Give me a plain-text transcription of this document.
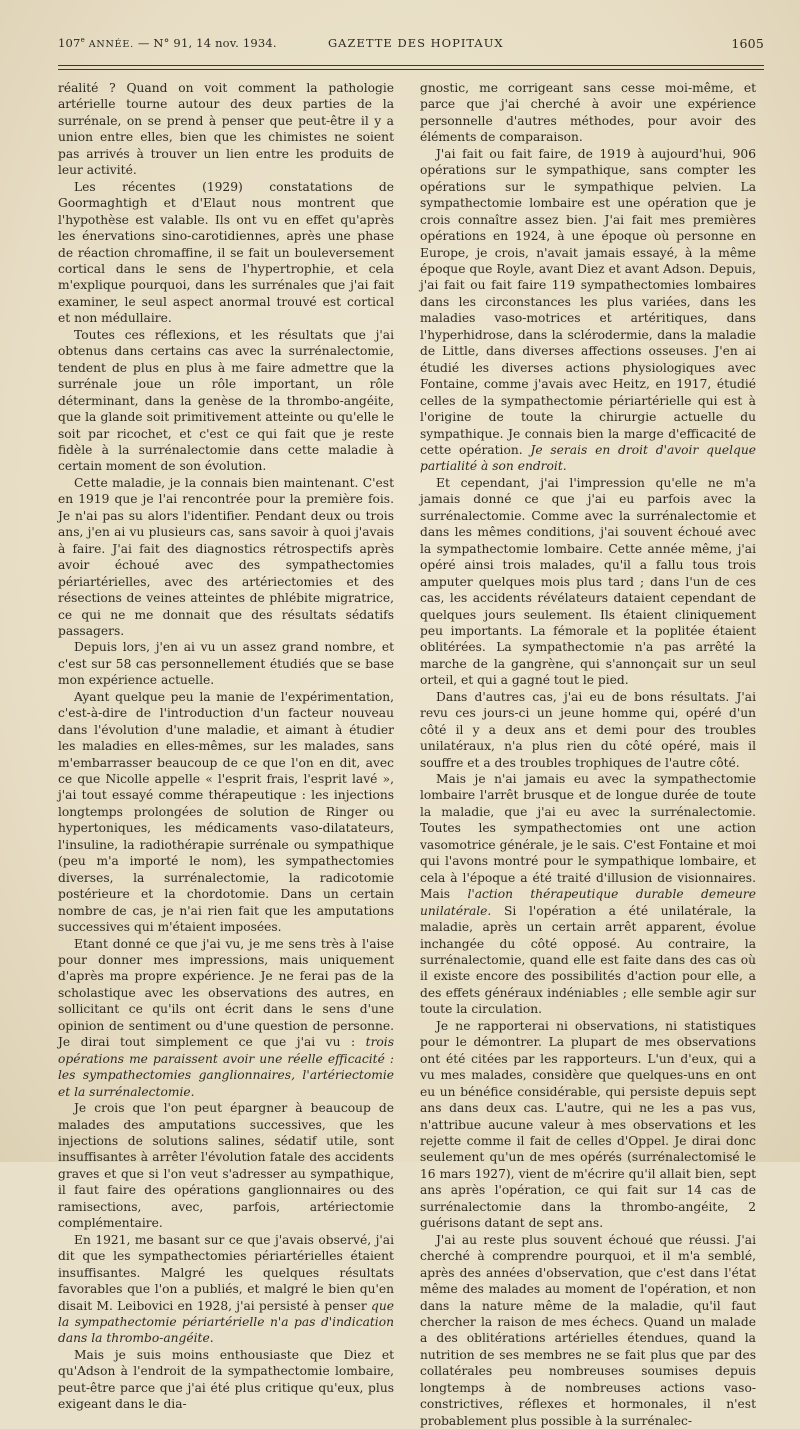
107e ANNÉE. — N° 91, 14 nov. 1934.	GAZETTE DES HOPITAUX	1605

réalité ? Quand on voit comment la pathologie artérielle tourne autour des deux parties de la surrénale, on se prend à penser que peut-être il y a union entre elles, bien que les chimistes ne soient pas arrivés à trouver un lien entre les produits de leur activité.

Les récentes (1929) constatations de Goormaghtigh et d'Elaut nous montrent que l'hypothèse est valable. Ils ont vu en effet qu'après les énervations sino-carotidiennes, après une phase de réaction chromaffine, il se fait un bouleversement cortical dans le sens de l'hypertrophie, et cela m'explique pourquoi, dans les surrénales que j'ai fait examiner, le seul aspect anormal trouvé est cortical et non médullaire.

Toutes ces réflexions, et les résultats que j'ai obtenus dans certains cas avec la surrénalectomie, tendent de plus en plus à me faire admettre que la surrénale joue un rôle important, un rôle déterminant, dans la genèse de la thrombo-angéite, que la glande soit primitivement atteinte ou qu'elle le soit par ricochet, et c'est ce qui fait que je reste fidèle à la surrénalectomie dans cette maladie à certain moment de son évolution.

Cette maladie, je la connais bien maintenant. C'est en 1919 que je l'ai rencontrée pour la première fois. Je n'ai pas su alors l'identifier. Pendant deux ou trois ans, j'en ai vu plusieurs cas, sans savoir à quoi j'avais à faire. J'ai fait des diagnostics rétrospectifs après avoir échoué avec des sympathectomies périartérielles, avec des artériectomies et des résections de veines atteintes de phlébite migratrice, ce qui ne me donnait que des résultats sédatifs passagers.

Depuis lors, j'en ai vu un assez grand nombre, et c'est sur 58 cas personnellement étudiés que se base mon expérience actuelle.

Ayant quelque peu la manie de l'expérimentation, c'est-à-dire de l'introduction d'un facteur nouveau dans l'évolution d'une maladie, et aimant à étudier les maladies en elles-mêmes, sur les malades, sans m'embarrasser beaucoup de ce que l'on en dit, avec ce que Nicolle appelle « l'esprit frais, l'esprit lavé », j'ai tout essayé comme thérapeutique : les injections longtemps prolongées de solution de Ringer ou hypertoniques, les médicaments vaso-dilatateurs, l'insuline, la radiothérapie surrénale ou sympathique (peu m'a importé le nom), les sympathectomies diverses, la surrénalectomie, la radicotomie postérieure et la chordotomie. Dans un certain nombre de cas, je n'ai rien fait que les amputations successives qui m'étaient imposées.

Etant donné ce que j'ai vu, je me sens très à l'aise pour donner mes impressions, mais uniquement d'après ma propre expérience. Je ne ferai pas de la scholastique avec les observations des autres, en sollicitant ce qu'ils ont écrit dans le sens d'une opinion de sentiment ou d'une question de personne. Je dirai tout simplement ce que j'ai vu : trois opérations me paraissent avoir une réelle efficacité : les sympathectomies ganglionnaires, l'artériectomie et la surrénalectomie.

Je crois que l'on peut épargner à beaucoup de malades des amputations successives, que les injections de solutions salines, sédatif utile, sont insuffisantes à arrêter l'évolution fatale des accidents graves et que si l'on veut s'adresser au sympathique, il faut faire des opérations ganglionnaires ou des ramisections, avec, parfois, artériectomie complémentaire.

En 1921, me basant sur ce que j'avais observé, j'ai dit que les sympathectomies périartérielles étaient insuffisantes. Malgré les quelques résultats favorables que l'on a publiés, et malgré le bien qu'en disait M. Leibovici en 1928, j'ai persisté à penser que la sympathectomie périartérielle n'a pas d'indication dans la thrombo-angéite.

Mais je suis moins enthousiaste que Diez et qu'Adson à l'endroit de la sympathectomie lombaire, peut-être parce que j'ai été plus critique qu'eux, plus exigeant dans le dia-

gnostic, me corrigeant sans cesse moi-même, et parce que j'ai cherché à avoir une expérience personnelle d'autres méthodes, pour avoir des éléments de comparaison.

J'ai fait ou fait faire, de 1919 à aujourd'hui, 906 opérations sur le sympathique, sans compter les opérations sur le sympathique pelvien. La sympathectomie lombaire est une opération que je crois connaître assez bien. J'ai fait mes premières opérations en 1924, à une époque où personne en Europe, je crois, n'avait jamais essayé, à la même époque que Royle, avant Diez et avant Adson. Depuis, j'ai fait ou fait faire 119 sympathectomies lombaires dans les circonstances les plus variées, dans les maladies vaso-motrices et artéritiques, dans l'hyperhidrose, dans la sclérodermie, dans la maladie de Little, dans diverses affections osseuses. J'en ai étudié les diverses actions physiologiques avec Fontaine, comme j'avais avec Heitz, en 1917, étudié celles de la sympathectomie périartérielle qui est à l'origine de toute la chirurgie actuelle du sympathique. Je connais bien la marge d'efficacité de cette opération. Je serais en droit d'avoir quelque partialité à son endroit.

Et cependant, j'ai l'impression qu'elle ne m'a jamais donné ce que j'ai eu parfois avec la surrénalectomie. Comme avec la surrénalectomie et dans les mêmes conditions, j'ai souvent échoué avec la sympathectomie lombaire. Cette année même, j'ai opéré ainsi trois malades, qu'il a fallu tous trois amputer quelques mois plus tard ; dans l'un de ces cas, les accidents révélateurs dataient cependant de quelques jours seulement. Ils étaient cliniquement peu importants. La fémorale et la poplitée étaient oblitérées. La sympathectomie n'a pas arrêté la marche de la gangrène, qui s'annonçait sur un seul orteil, et qui a gagné tout le pied.

Dans d'autres cas, j'ai eu de bons résultats. J'ai revu ces jours-ci un jeune homme qui, opéré d'un côté il y a deux ans et demi pour des troubles unilatéraux, n'a plus rien du côté opéré, mais il souffre et a des troubles trophiques de l'autre côté.

Mais je n'ai jamais eu avec la sympathectomie lombaire l'arrêt brusque et de longue durée de toute la maladie, que j'ai eu avec la surrénalectomie. Toutes les sympathectomies ont une action vasomotrice générale, je le sais. C'est Fontaine et moi qui l'avons montré pour le sympathique lombaire, et cela à l'époque a été traité d'illusion de visionnaires. Mais l'action thérapeutique durable demeure unilatérale. Si l'opération a été unilatérale, la maladie, après un certain arrêt apparent, évolue inchangée du côté opposé. Au contraire, la surrénalectomie, quand elle est faite dans des cas où il existe encore des possibilités d'action pour elle, a des effets généraux indéniables ; elle semble agir sur toute la circulation.

Je ne rapporterai ni observations, ni statistiques pour le démontrer. La plupart de mes observations ont été citées par les rapporteurs. L'un d'eux, qui a vu mes malades, considère que quelques-uns en ont eu un bénéfice considérable, qui persiste depuis sept ans dans deux cas. L'autre, qui ne les a pas vus, n'attribue aucune valeur à mes observations et les rejette comme il fait de celles d'Oppel. Je dirai donc seulement qu'un de mes opérés (surrénalectomisé le 16 mars 1927), vient de m'écrire qu'il allait bien, sept ans après l'opération, ce qui fait sur 14 cas de surrénalectomie dans la thrombo-angéite, 2 guérisons datant de sept ans.

J'ai au reste plus souvent échoué que réussi. J'ai cherché à comprendre pourquoi, et il m'a semblé, après des années d'observation, que c'est dans l'état même des malades au moment de l'opération, et non dans la nature même de la maladie, qu'il faut chercher la raison de mes échecs. Quand un malade a des oblitérations artérielles étendues, quand la nutrition de ses membres ne se fait plus que par des collatérales peu nombreuses soumises depuis longtemps à de nombreuses actions vaso-constrictives, réflexes et hormonales, il n'est probablement plus possible à la surrénalec-
